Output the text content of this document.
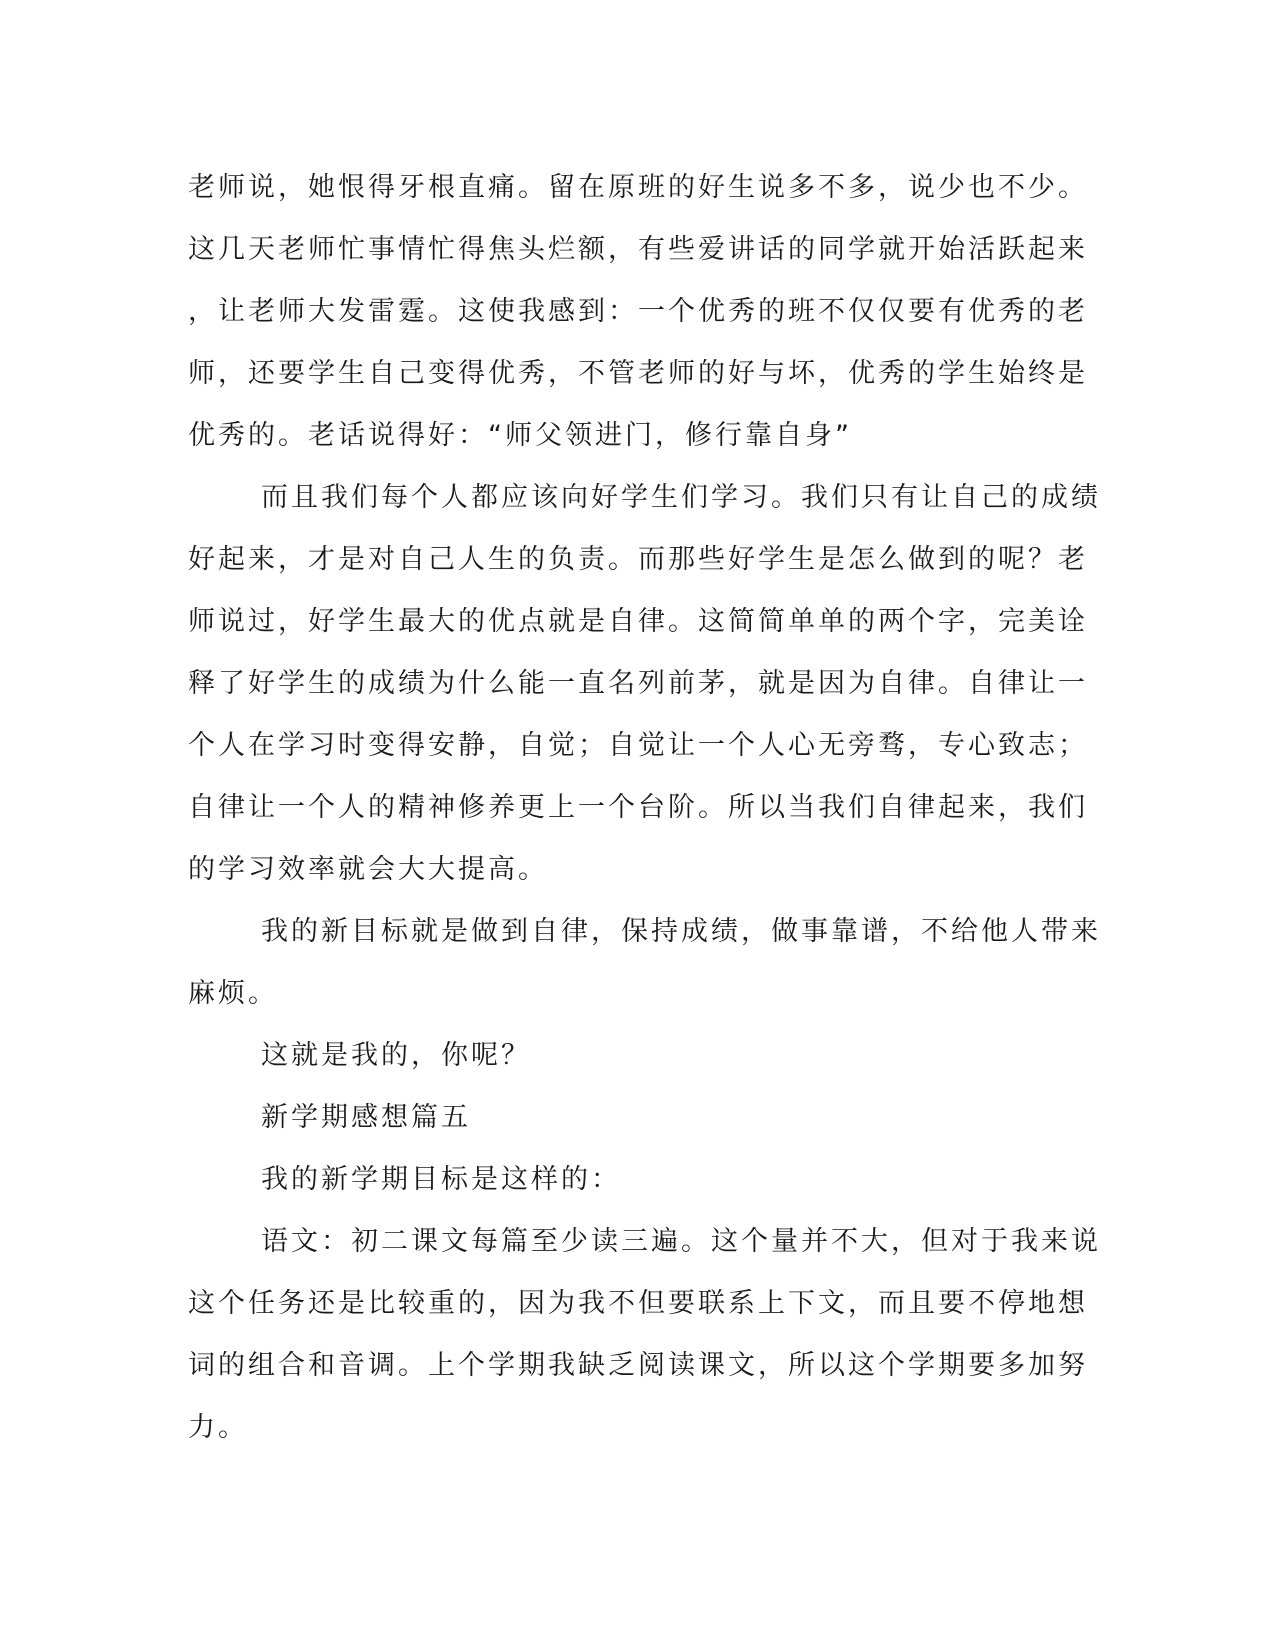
老师说，她恨得牙根直痛。留在原班的好生说多不多，说少也不少。
这几天老师忙事情忙得焦头烂额，有些爱讲话的同学就开始活跃起来
，让老师大发雷霆。这使我感到：一个优秀的班不仅仅要有优秀的老
师，还要学生自己变得优秀，不管老师的好与坏，优秀的学生始终是
优秀的。老话说得好：“师父领进门，修行靠自身”
而且我们每个人都应该向好学生们学习。我们只有让自己的成绩
好起来，才是对自己人生的负责。而那些好学生是怎么做到的呢？老
师说过，好学生最大的优点就是自律。这简简单单的两个字，完美诠
释了好学生的成绩为什么能一直名列前茅，就是因为自律。自律让一
个人在学习时变得安静，自觉；自觉让一个人心无旁骛，专心致志；
自律让一个人的精神修养更上一个台阶。所以当我们自律起来，我们
的学习效率就会大大提高。
我的新目标就是做到自律，保持成绩，做事靠谱，不给他人带来
麻烦。
这就是我的，你呢？
新学期感想篇五
我的新学期目标是这样的：
语文：初二课文每篇至少读三遍。这个量并不大，但对于我来说
这个任务还是比较重的，因为我不但要联系上下文，而且要不停地想
词的组合和音调。上个学期我缺乏阅读课文，所以这个学期要多加努
力。
